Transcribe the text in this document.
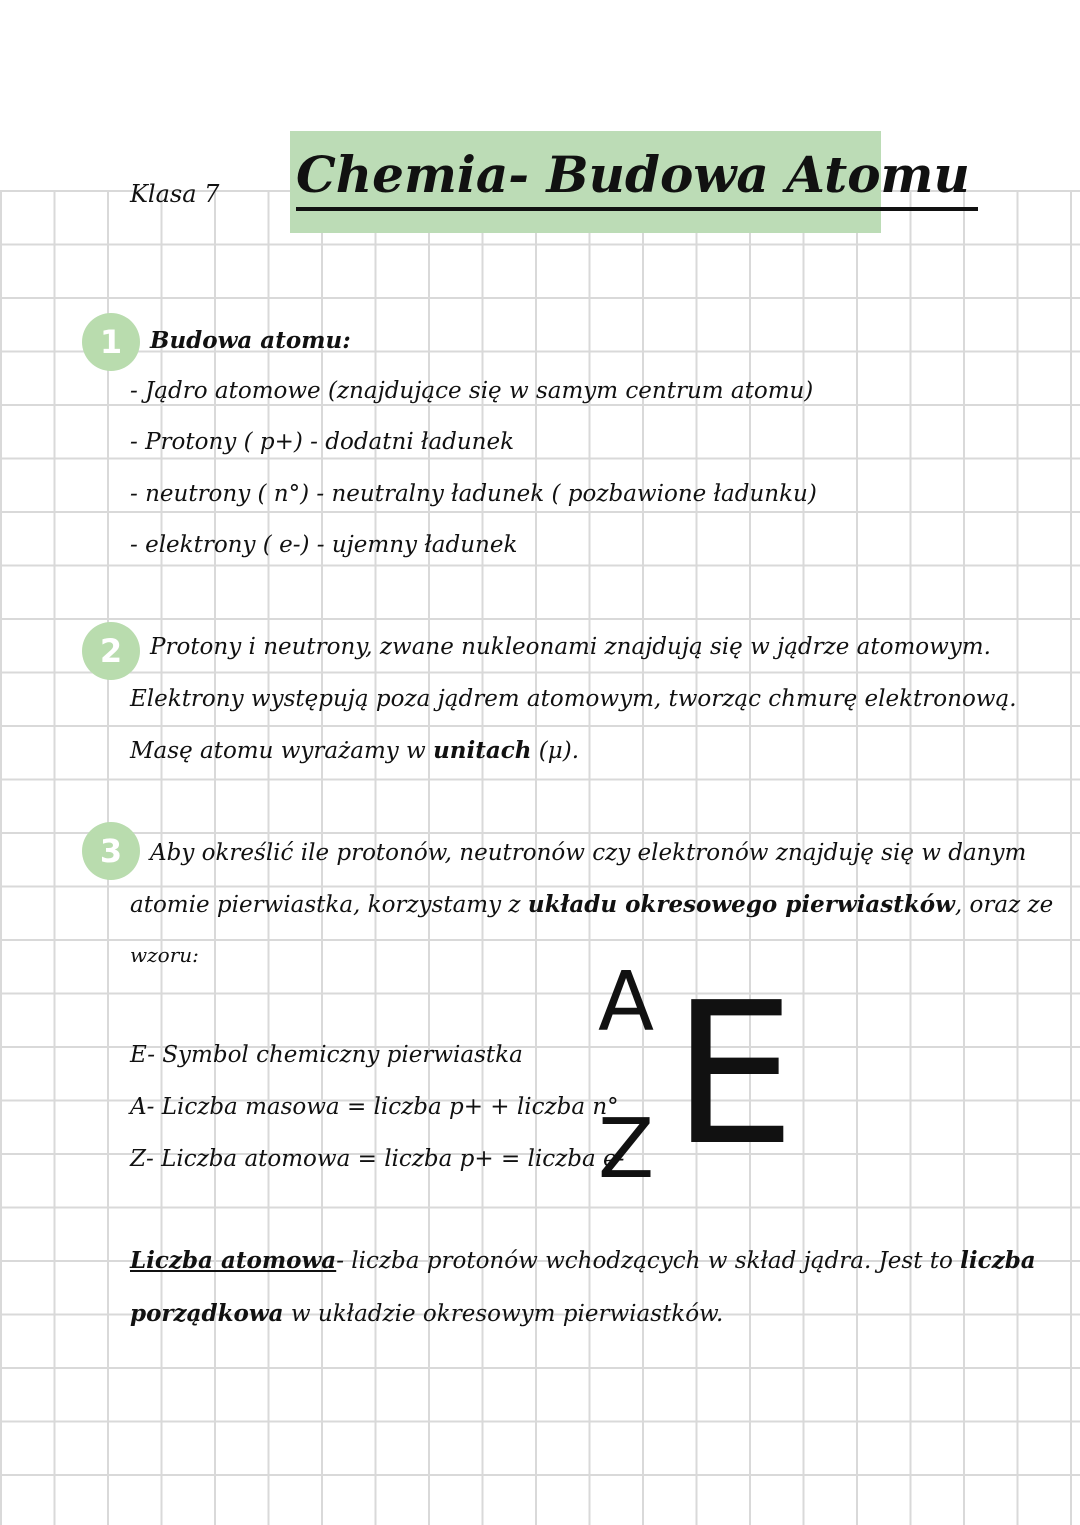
Klasa 7 Chemia- Budowa Atomu
1	Budowa atomu:
- Jądro atomowe (znajdujące się w samym centrum atomu)
- Protony ( p+) - dodatni ładunek
- neutrony ( n°) - neutralny ładunek ( pozbawione ładunku)
- elektrony ( e-) - ujemny ładunek
2	Protony i neutrony, zwane nukleonami znajdują się w jądrze atomowym.
Elektrony występują poza jądrem atomowym, tworząc chmurę elektronową.
Masę atomu wyrażamy w unitach (μ).
3	Aby określić ile protonów, neutronów czy elektronów znajduję się w danym
atomie pierwiastka, korzystamy z układu okresowego pierwiastków, oraz ze
wzoru:
E- Symbol chemiczny pierwiastka
A- Liczba masowa = liczba p+ + liczba n°
Z- Liczba atomowa = liczba p+ = liczba e-
A
Z E
Liczba atomowa- liczba protonów wchodzących w skład jądra. Jest to liczba
porządkowa w układzie okresowym pierwiastków.
